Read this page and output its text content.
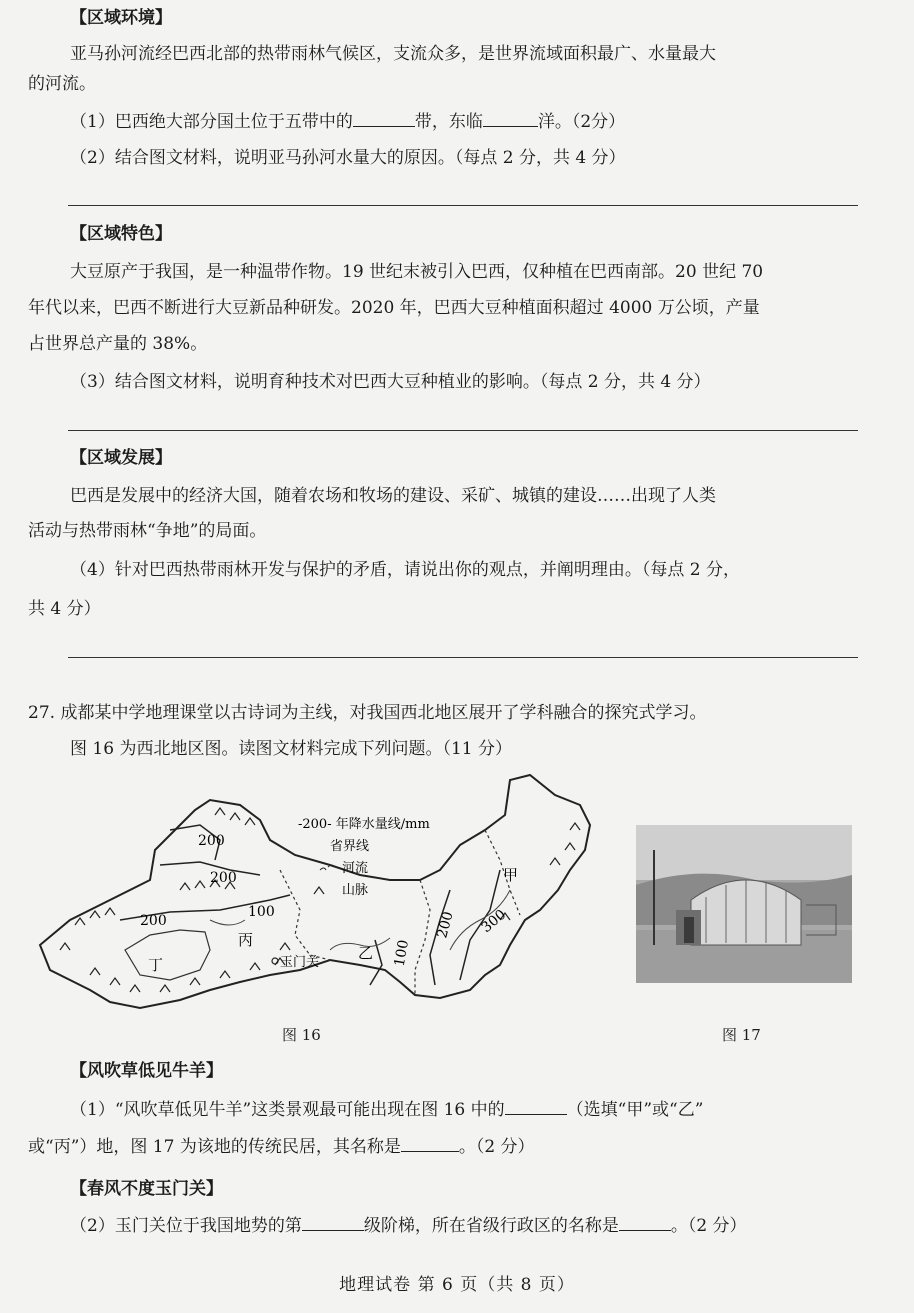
【区域环境】
亚马孙河流经巴西北部的热带雨林气候区，支流众多，是世界流域面积最广、水量最大
的河流。
（1）巴西绝大部分国土位于五带中的	带，东临	洋。（2分）
（2）结合图文材料，说明亚马孙河水量大的原因。（每点 2 分，共 4 分）
【区域特色】
大豆原产于我国，是一种温带作物。19 世纪末被引入巴西，仅种植在巴西南部。20 世纪 70
年代以来，巴西不断进行大豆新品种研发。2020 年，巴西大豆种植面积超过 4000 万公顷，产量
占世界总产量的 38%。
（3）结合图文材料，说明育种技术对巴西大豆种植业的影响。（每点 2 分，共 4 分）
【区域发展】
巴西是发展中的经济大国，随着农场和牧场的建设、采矿、城镇的建设……出现了人类
活动与热带雨林“争地”的局面。
（4）针对巴西热带雨林开发与保护的矛盾，请说出你的观点，并阐明理由。（每点 2 分，
共 4 分）
27. 成都某中学地理课堂以古诗词为主线，对我国西北地区展开了学科融合的探究式学习。
图 16 为西北地区图。读图文材料完成下列问题。（11 分）
-200- 年降水量线/mm
省界线
河流
山脉
200
200
200
100
100
200 300
甲
乙
丙
丁	玉门关
图 16	图 17
【风吹草低见牛羊】
（1）“风吹草低见牛羊”这类景观最可能出现在图 16 中的	（选填“甲”或“乙”
或“丙”）地，图 17 为该地的传统民居，其名称是	。（2 分）
【春风不度玉门关】
（2）玉门关位于我国地势的第	级阶梯，所在省级行政区的名称是	。（2 分）
地理试卷 第 6 页（共 8 页）
